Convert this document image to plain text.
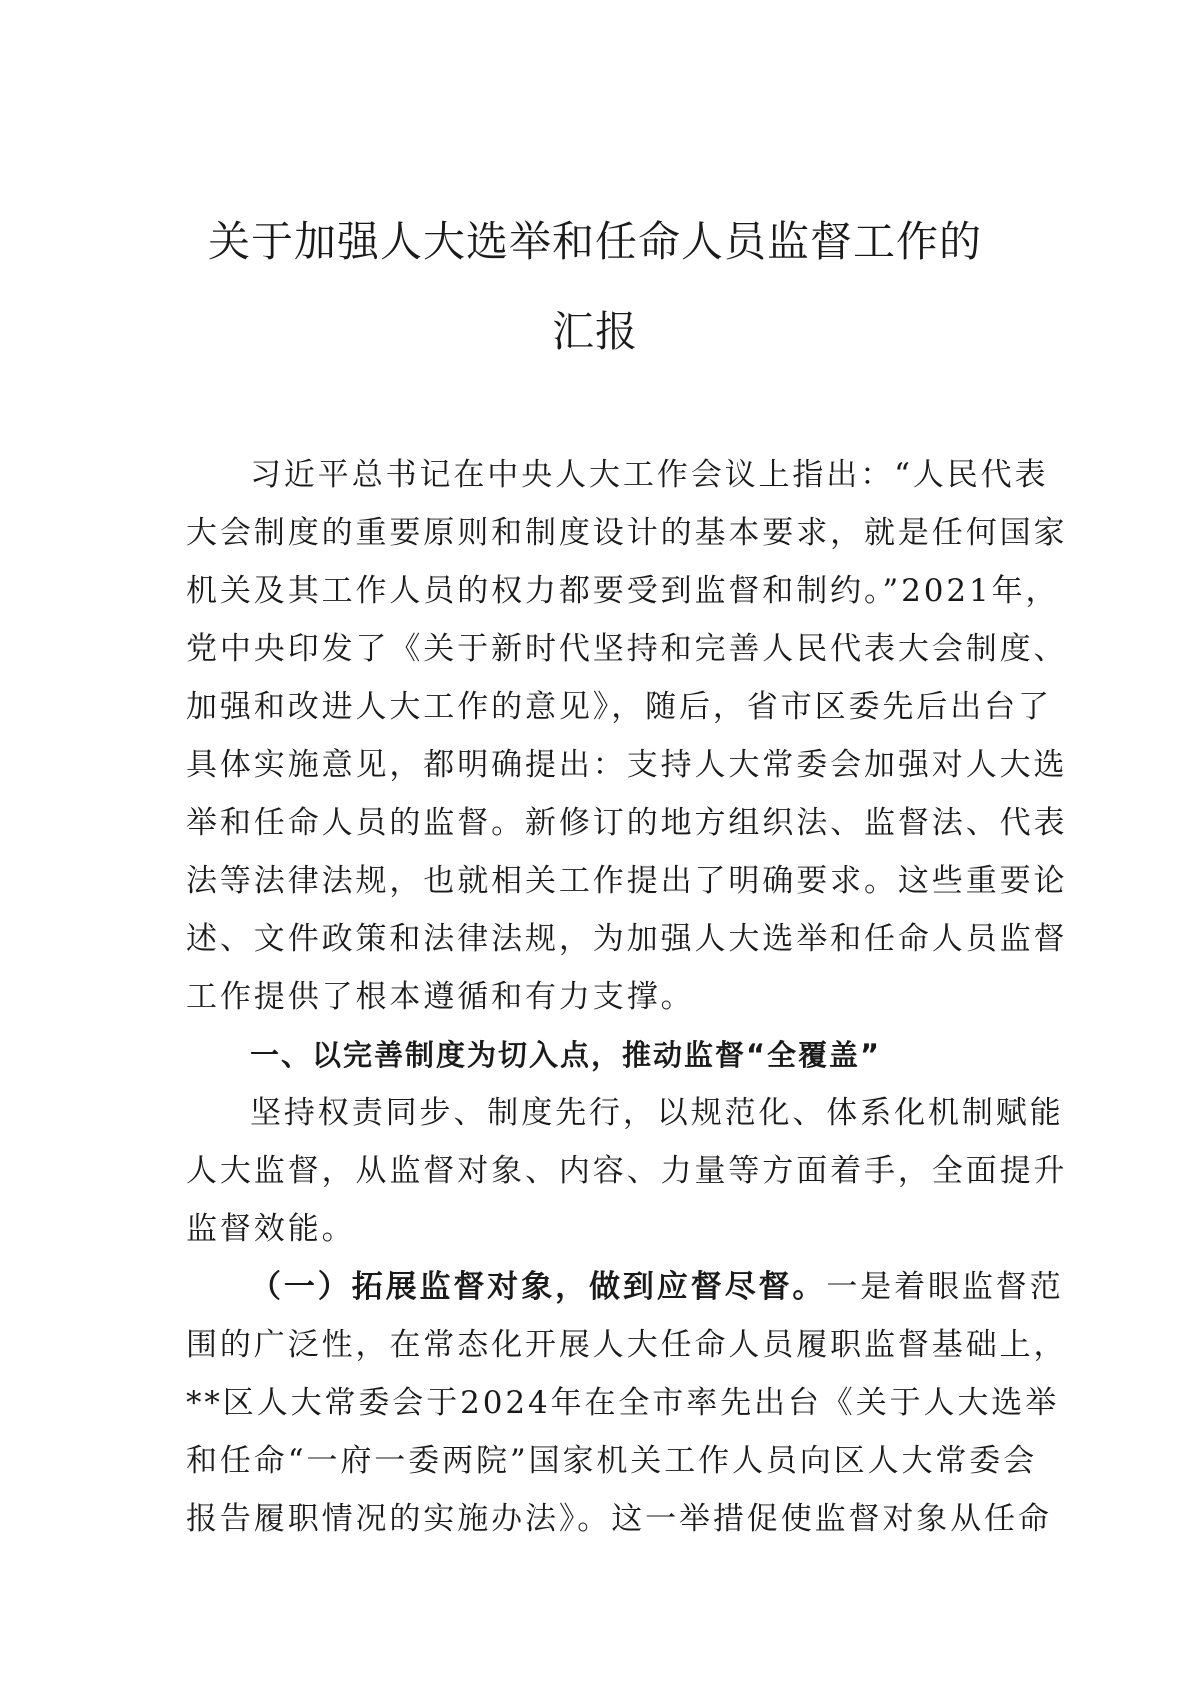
关于加强人大选举和任命人员监督工作的
汇报

习近平总书记在中央人大工作会议上指出：“人民代表
大会制度的重要原则和制度设计的基本要求，就是任何国家
机关及其工作人员的权力都要受到监督和制约。”2021年，
党中央印发了《关于新时代坚持和完善人民代表大会制度、
加强和改进人大工作的意见》，随后，省市区委先后出台了
具体实施意见，都明确提出：支持人大常委会加强对人大选
举和任命人员的监督。新修订的地方组织法、监督法、代表
法等法律法规，也就相关工作提出了明确要求。这些重要论
述、文件政策和法律法规，为加强人大选举和任命人员监督
工作提供了根本遵循和有力支撑。

一、以完善制度为切入点，推动监督“全覆盖”

坚持权责同步、制度先行，以规范化、体系化机制赋能
人大监督，从监督对象、内容、力量等方面着手，全面提升
监督效能。

（一）拓展监督对象，做到应督尽督。一是着眼监督范
围的广泛性，在常态化开展人大任命人员履职监督基础上，
**区人大常委会于2024年在全市率先出台《关于人大选举
和任命“一府一委两院”国家机关工作人员向区人大常委会
报告履职情况的实施办法》。这一举措促使监督对象从任命
